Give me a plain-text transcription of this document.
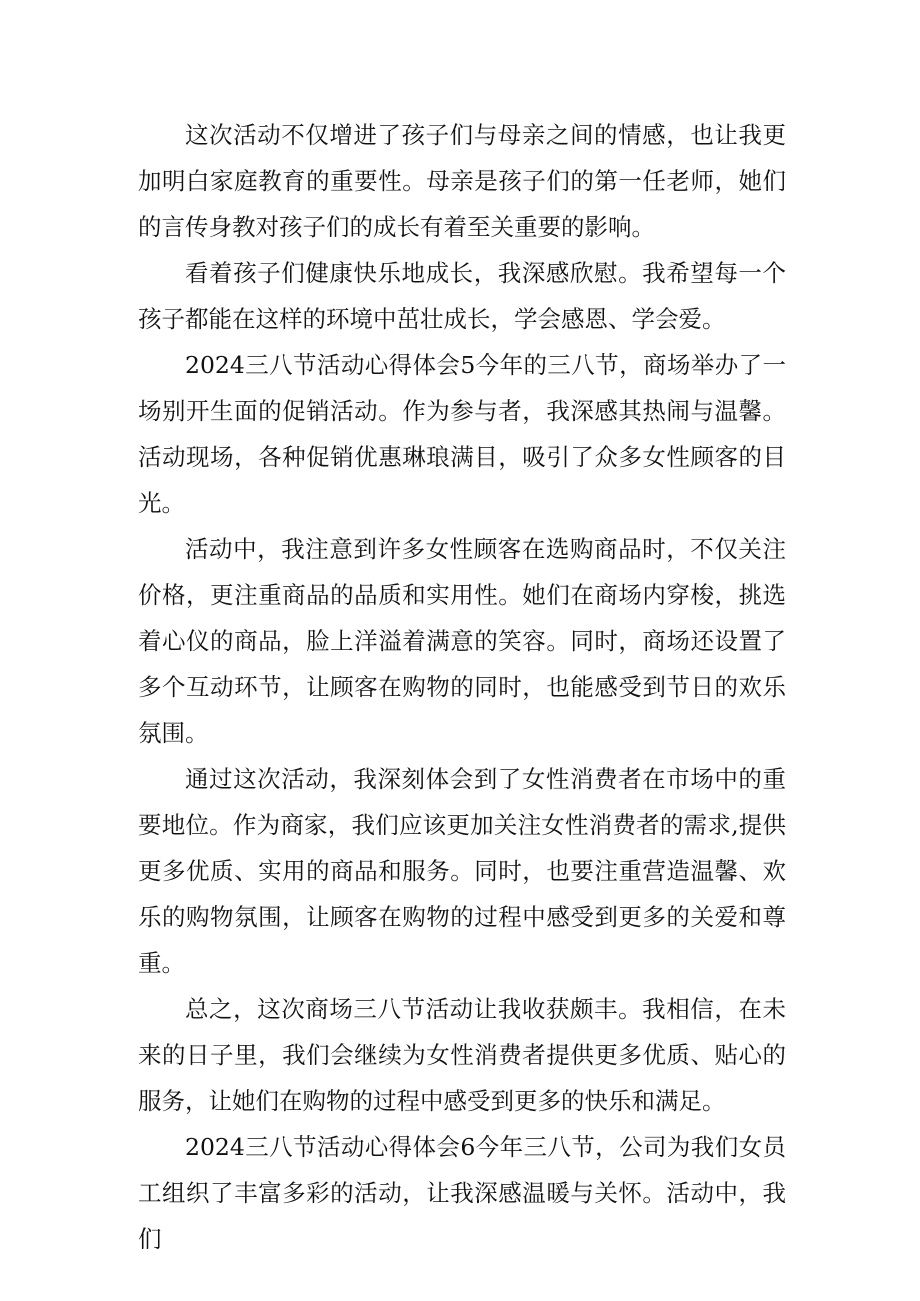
这次活动不仅增进了孩子们与母亲之间的情感，也让我更加明白家庭教育的重要性。母亲是孩子们的第一任老师，她们的言传身教对孩子们的成长有着至关重要的影响。

看着孩子们健康快乐地成长，我深感欣慰。我希望每一个孩子都能在这样的环境中茁壮成长，学会感恩、学会爱。

2024三八节活动心得体会5今年的三八节，商场举办了一场别开生面的促销活动。作为参与者，我深感其热闹与温馨。活动现场，各种促销优惠琳琅满目，吸引了众多女性顾客的目光。

活动中，我注意到许多女性顾客在选购商品时，不仅关注价格，更注重商品的品质和实用性。她们在商场内穿梭，挑选着心仪的商品，脸上洋溢着满意的笑容。同时，商场还设置了多个互动环节，让顾客在购物的同时，也能感受到节日的欢乐氛围。

通过这次活动，我深刻体会到了女性消费者在市场中的重要地位。作为商家，我们应该更加关注女性消费者的需求,提供更多优质、实用的商品和服务。同时，也要注重营造温馨、欢乐的购物氛围，让顾客在购物的过程中感受到更多的关爱和尊重。

总之，这次商场三八节活动让我收获颇丰。我相信，在未来的日子里，我们会继续为女性消费者提供更多优质、贴心的服务，让她们在购物的过程中感受到更多的快乐和满足。

2024三八节活动心得体会6今年三八节，公司为我们女员工组织了丰富多彩的活动，让我深感温暖与关怀。活动中，我们
